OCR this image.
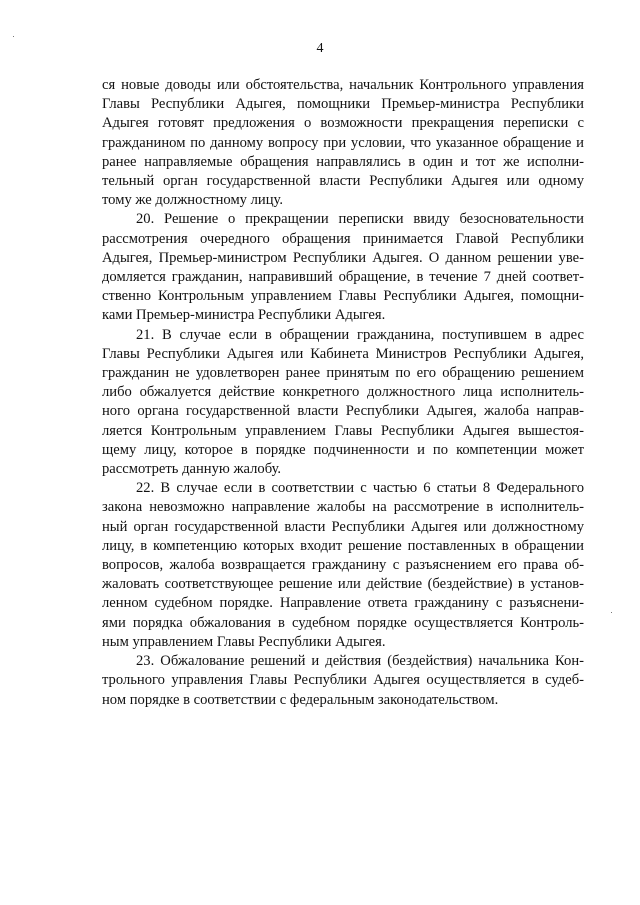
4
ся новые доводы или обстоятельства, начальник Контрольного управления
Главы Республики Адыгея, помощники Премьер-министра Республики
Адыгея готовят предложения о возможности прекращения переписки с
гражданином по данному вопросу при условии, что указанное обращение и
ранее направляемые обращения направлялись в один и тот же исполни-
тельный орган государственной власти Республики Адыгея или одному
тому же должностному лицу.
20. Решение о прекращении переписки ввиду безосновательности
рассмотрения очередного обращения принимается Главой Республики
Адыгея, Премьер-министром Республики Адыгея. О данном решении уве-
домляется гражданин, направивший обращение, в течение 7 дней соответ-
ственно Контрольным управлением Главы Республики Адыгея, помощни-
ками Премьер-министра Республики Адыгея.
21. В случае если в обращении гражданина, поступившем в адрес
Главы Республики Адыгея или Кабинета Министров Республики Адыгея,
гражданин не удовлетворен ранее принятым по его обращению решением
либо обжалуется действие конкретного должностного лица исполнитель-
ного органа государственной власти Республики Адыгея, жалоба направ-
ляется Контрольным управлением Главы Республики Адыгея вышестоя-
щему лицу, которое в порядке подчиненности и по компетенции может
рассмотреть данную жалобу.
22. В случае если в соответствии с частью 6 статьи 8 Федерального
закона невозможно направление жалобы на рассмотрение в исполнитель-
ный орган государственной власти Республики Адыгея или должностному
лицу, в компетенцию которых входит решение поставленных в обращении
вопросов, жалоба возвращается гражданину с разъяснением его права об-
жаловать соответствующее решение или действие (бездействие) в установ-
ленном судебном порядке. Направление ответа гражданину с разъяснени-
ями порядка обжалования в судебном порядке осуществляется Контроль-
ным управлением Главы Республики Адыгея.
23. Обжалование решений и действия (бездействия) начальника Кон-
трольного управления Главы Республики Адыгея осуществляется в судеб-
ном порядке в соответствии с федеральным законодательством.
